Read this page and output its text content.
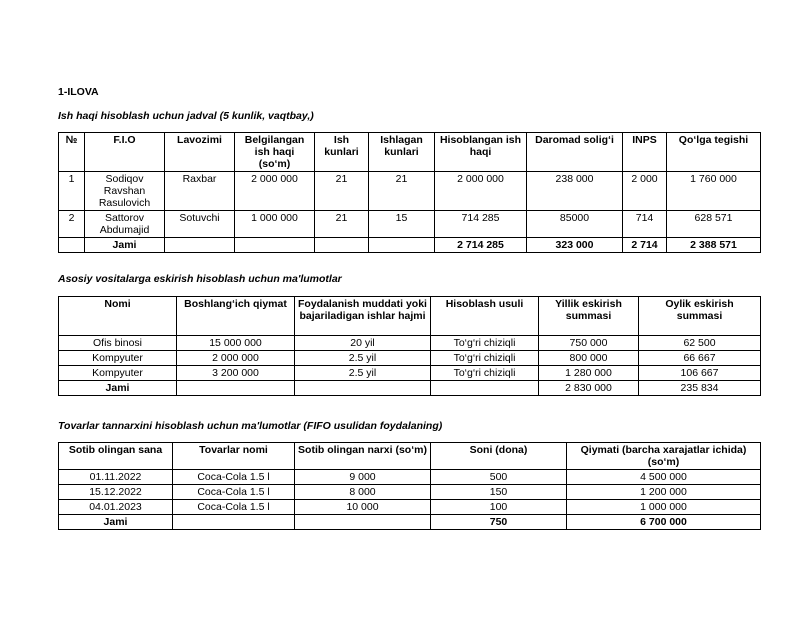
1-ILOVA
Ish haqi hisoblash uchun jadval (5 kunlik, vaqtbay,)
№	F.I.O	Lavozimi	Belgilangan ish haqi (so‘m)	Ish kunlari	Ishlagan kunlari	Hisoblangan ish haqi	Daromad solig‘i	INPS	Qo‘lga tegishi
1	Sodiqov Ravshan Rasulovich	Raxbar	2 000 000	21	21	2 000 000	238 000	2 000	1 760 000
2	Sattorov Abdumajid	Sotuvchi	1 000 000	21	15	714 285	85000	714	628 571
	Jami					2 714 285	323 000	2 714	2 388 571
Asosiy vositalarga eskirish hisoblash uchun ma'lumotlar
Nomi	Boshlang‘ich qiymat	Foydalanish muddati yoki bajariladigan ishlar hajmi	Hisoblash usuli	Yillik eskirish summasi	Oylik eskirish summasi
Ofis binosi	15 000 000	20 yil	To‘g‘ri chiziqli	750 000	62 500
Kompyuter	2 000 000	2.5 yil	To‘g‘ri chiziqli	800 000	66 667
Kompyuter	3 200 000	2.5 yil	To‘g‘ri chiziqli	1 280 000	106 667
Jami				2 830 000	235 834
Tovarlar tannarxini hisoblash uchun ma'lumotlar (FIFO usulidan foydalaning)
Sotib olingan sana	Tovarlar nomi	Sotib olingan narxi (so‘m)	Soni (dona)	Qiymati (barcha xarajatlar ichida) (so‘m)
01.11.2022	Coca-Cola 1.5 l	9 000	500	4 500 000
15.12.2022	Coca-Cola 1.5 l	8 000	150	1 200 000
04.01.2023	Coca-Cola 1.5 l	10 000	100	1 000 000
Jami			750	6 700 000
